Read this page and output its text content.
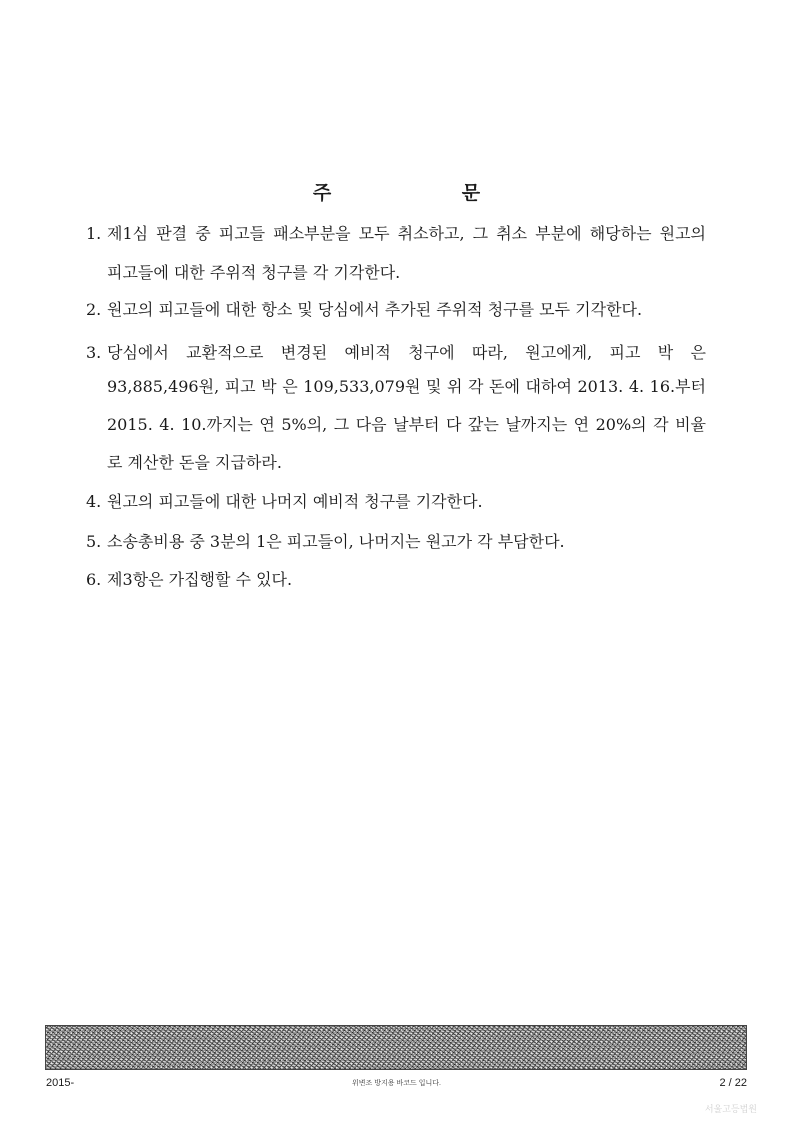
주 문
1. 제1심 판결 중 피고들 패소부분을 모두 취소하고, 그 취소 부분에 해당하는 원고의
피고들에 대한 주위적 청구를 각 기각한다.
2. 원고의 피고들에 대한 항소 및 당심에서 추가된 주위적 청구를 모두 기각한다.
3. 당심에서 교환적으로 변경된 예비적 청구에 따라, 원고에게, 피고 박 은
93,885,496원, 피고 박 은 109,533,079원 및 위 각 돈에 대하여 2013. 4. 16.부터
2015. 4. 10.까지는 연 5%의, 그 다음 날부터 다 갚는 날까지는 연 20%의 각 비율
로 계산한 돈을 지급하라.
4. 원고의 피고들에 대한 나머지 예비적 청구를 기각한다.
5. 소송총비용 중 3분의 1은 피고들이, 나머지는 원고가 각 부담한다.
6. 제3항은 가집행할 수 있다.
2015-	위변조 방지용 바코드 입니다.	2 / 22
서울고등법원
